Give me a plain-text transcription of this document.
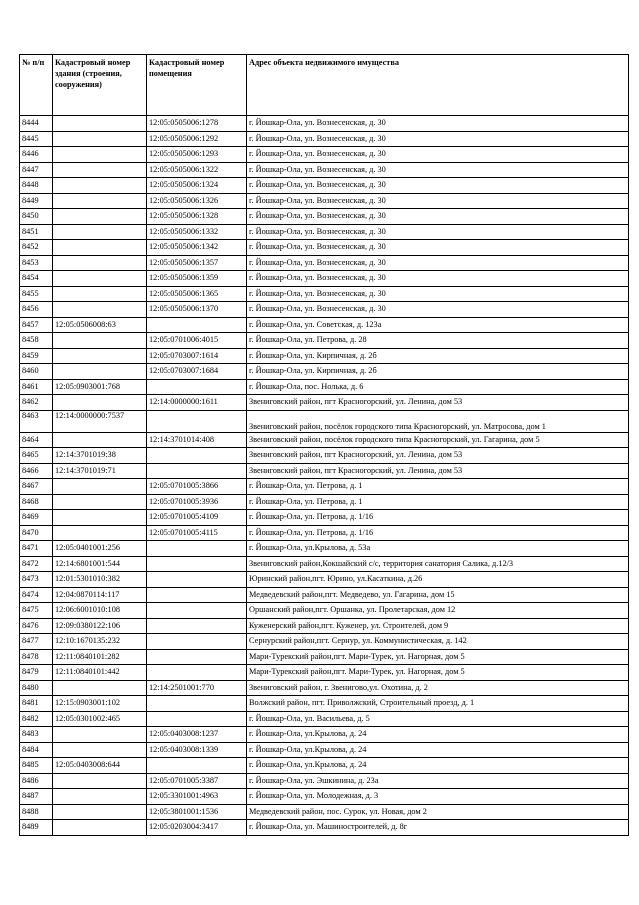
№ п/п	Кадастровый номер здания (строения, сооружения)	Кадастровый номер помещения	Адрес объекта недвижимого имущества
8444		12:05:0505006:1278	г. Йошкар-Ола, ул. Вознесенская, д. 30
8445		12:05:0505006:1292	г. Йошкар-Ола, ул. Вознесенская, д. 30
8446		12:05:0505006:1293	г. Йошкар-Ола, ул. Вознесенская, д. 30
8447		12:05:0505006:1322	г. Йошкар-Ола, ул. Вознесенская, д. 30
8448		12:05:0505006:1324	г. Йошкар-Ола, ул. Вознесенская, д. 30
8449		12:05:0505006:1326	г. Йошкар-Ола, ул. Вознесенская, д. 30
8450		12:05:0505006:1328	г. Йошкар-Ола, ул. Вознесенская, д. 30
8451		12:05:0505006:1332	г. Йошкар-Ола, ул. Вознесенская, д. 30
8452		12:05:0505006:1342	г. Йошкар-Ола, ул. Вознесенская, д. 30
8453		12:05:0505006:1357	г. Йошкар-Ола, ул. Вознесенская, д. 30
8454		12:05:0505006:1359	г. Йошкар-Ола, ул. Вознесенская, д. 30
8455		12:05:0505006:1365	г. Йошкар-Ола, ул. Вознесенская, д. 30
8456		12:05:0505006:1370	г. Йошкар-Ола, ул. Вознесенская, д. 30
8457	12:05:0506008:63		г. Йошкар-Ола, ул. Советская, д. 123а
8458		12:05:0701006:4015	г. Йошкар-Ола, ул. Петрова, д. 28
8459		12:05:0703007:1614	г. Йошкар-Ола, ул. Кирпичная, д. 2б
8460		12:05:0703007:1684	г. Йошкар-Ола, ул. Кирпичная, д. 2б
8461	12:05:0903001:768		г. Йошкар-Ола, пос. Нолька, д. 6
8462		12:14:0000000:1611	Звениговский район, пгт Красногорский, ул. Ленина, дом 53
8463	12:14:0000000:7537		Звениговский район, посёлок городского типа Красногорский, ул. Матросова, дом 1
8464		12:14:3701014:408	Звениговский район, посёлок городского типа Красногорский, ул. Гагарина, дом 5
8465	12:14:3701019:38		Звениговский район, пгт Красногорский, ул. Ленина, дом 53
8466	12:14:3701019:71		Звениговский район, пгт Красногорский, ул. Ленина, дом 53
8467		12:05:0701005:3866	г. Йошкар-Ола, ул. Петрова, д. 1
8468		12:05:0701005:3936	г. Йошкар-Ола, ул. Петрова, д. 1
8469		12:05:0701005:4109	г. Йошкар-Ола, ул. Петрова, д. 1/16
8470		12:05:0701005:4115	г. Йошкар-Ола, ул. Петрова, д. 1/16
8471	12:05:0401001:256		г. Йошкар-Ола, ул.Крылова, д. 53а
8472	12:14:6801001:544		Звениговский район,Кокшайский с/с, территория санатория Салика, д.12/3
8473	12:01:5301010:382		Юринский район,пгт. Юрино, ул.Касаткина, д.26
8474	12:04:0870114:117		Медведевский район,пгт. Медведево, ул. Гагарина, дом 15
8475	12:06:6001010:108		Оршанский район,пгт. Оршанка, ул. Пролетарская, дом 12
8476	12:09:0380122:106		Куженерский район,пгт. Куженер, ул. Строителей, дом 9
8477	12:10:1670135:232		Сернурский район,пгт. Сернур, ул. Коммунистическая, д. 142
8478	12:11:0840101:282		Мари-Турекский район,пгт. Мари-Турек, ул. Нагорная, дом 5
8479	12:11:0840101:442		Мари-Турекский район,пгт. Мари-Турек, ул. Нагорная, дом 5
8480		12:14:2501001:770	Звениговский район, г. Звенигово,ул. Охотина, д. 2
8481	12:15:0903001:102		Волжский район, пгт. Приволжский, Строительный проезд, д. 1
8482	12:05:0301002:465		г. Йошкар-Ола, ул. Васильева, д. 5
8483		12:05:0403008:1237	г. Йошкар-Ола, ул.Крылова, д. 24
8484		12:05:0403008:1339	г. Йошкар-Ола, ул.Крылова, д. 24
8485	12:05:0403008:644		г. Йошкар-Ола, ул.Крылова, д. 24
8486		12:05:0701005:3387	г. Йошкар-Ола, ул. Эшкинина, д. 23а
8487		12:05:3301001:4963	г. Йошкар-Ола, ул. Молодежная, д. 3
8488		12:05:3801001:1536	Медведевский район, пос. Сурок, ул. Новая, дом 2
8489		12:05:0203004:3417	г. Йошкар-Ола, ул. Машиностроителей, д. 8г
